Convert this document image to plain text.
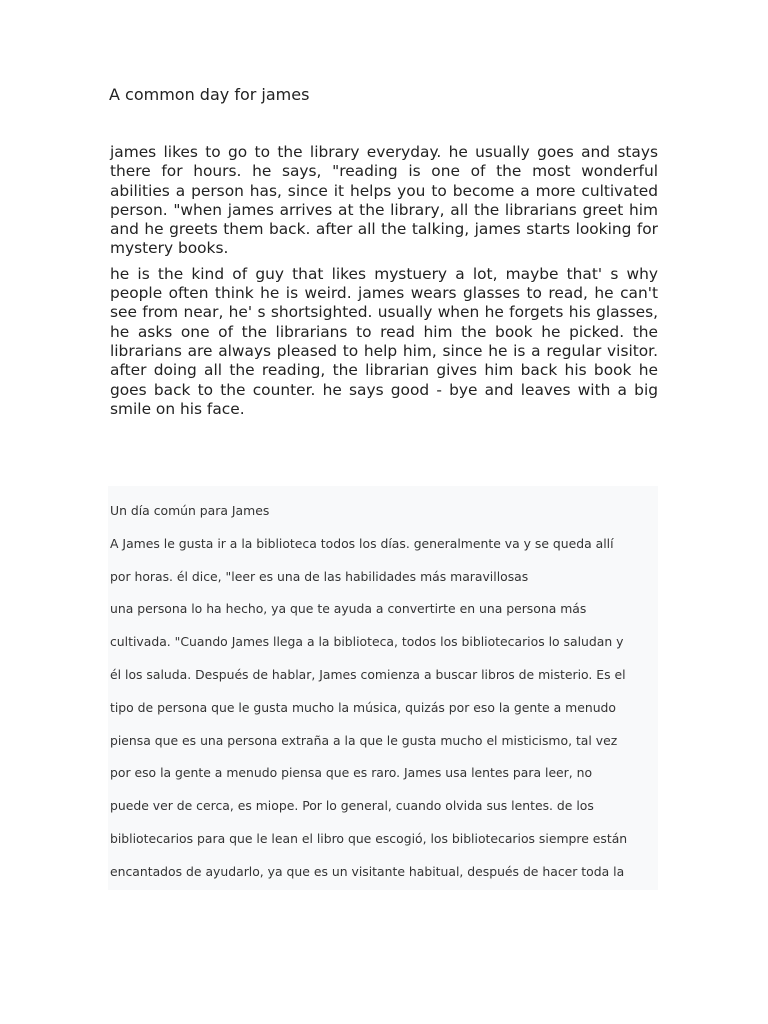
A common day for james

james likes to go to the library everyday. he usually goes and stays there for hours. he says, "reading is one of the most wonderful abilities a person has, since it helps you to become a more cultivated person. "when james arrives at the library, all the librarians greet him and he greets them back. after all the talking, james starts looking for mystery books.

he is the kind of guy that likes mystuery a lot, maybe that' s why people often think he is weird. james wears glasses to read, he can't see from near, he' s shortsighted. usually when he forgets his glasses, he asks one of the librarians to read him the book he picked. the librarians are always pleased to help him, since he is a regular visitor. after doing all the reading, the librarian gives him back his book he goes back to the counter. he says good - bye and leaves with a big smile on his face.

Un día común para James
A James le gusta ir a la biblioteca todos los días. generalmente va y se queda allí
por horas. él dice, "leer es una de las habilidades más maravillosas
una persona lo ha hecho, ya que te ayuda a convertirte en una persona más
cultivada. "Cuando James llega a la biblioteca, todos los bibliotecarios lo saludan y
él los saluda. Después de hablar, James comienza a buscar libros de misterio. Es el
tipo de persona que le gusta mucho la música, quizás por eso la gente a menudo
piensa que es una persona extraña a la que le gusta mucho el misticismo, tal vez
por eso la gente a menudo piensa que es raro. James usa lentes para leer, no
puede ver de cerca, es miope. Por lo general, cuando olvida sus lentes. de los
bibliotecarios para que le lean el libro que escogió, los bibliotecarios siempre están
encantados de ayudarlo, ya que es un visitante habitual, después de hacer toda la
